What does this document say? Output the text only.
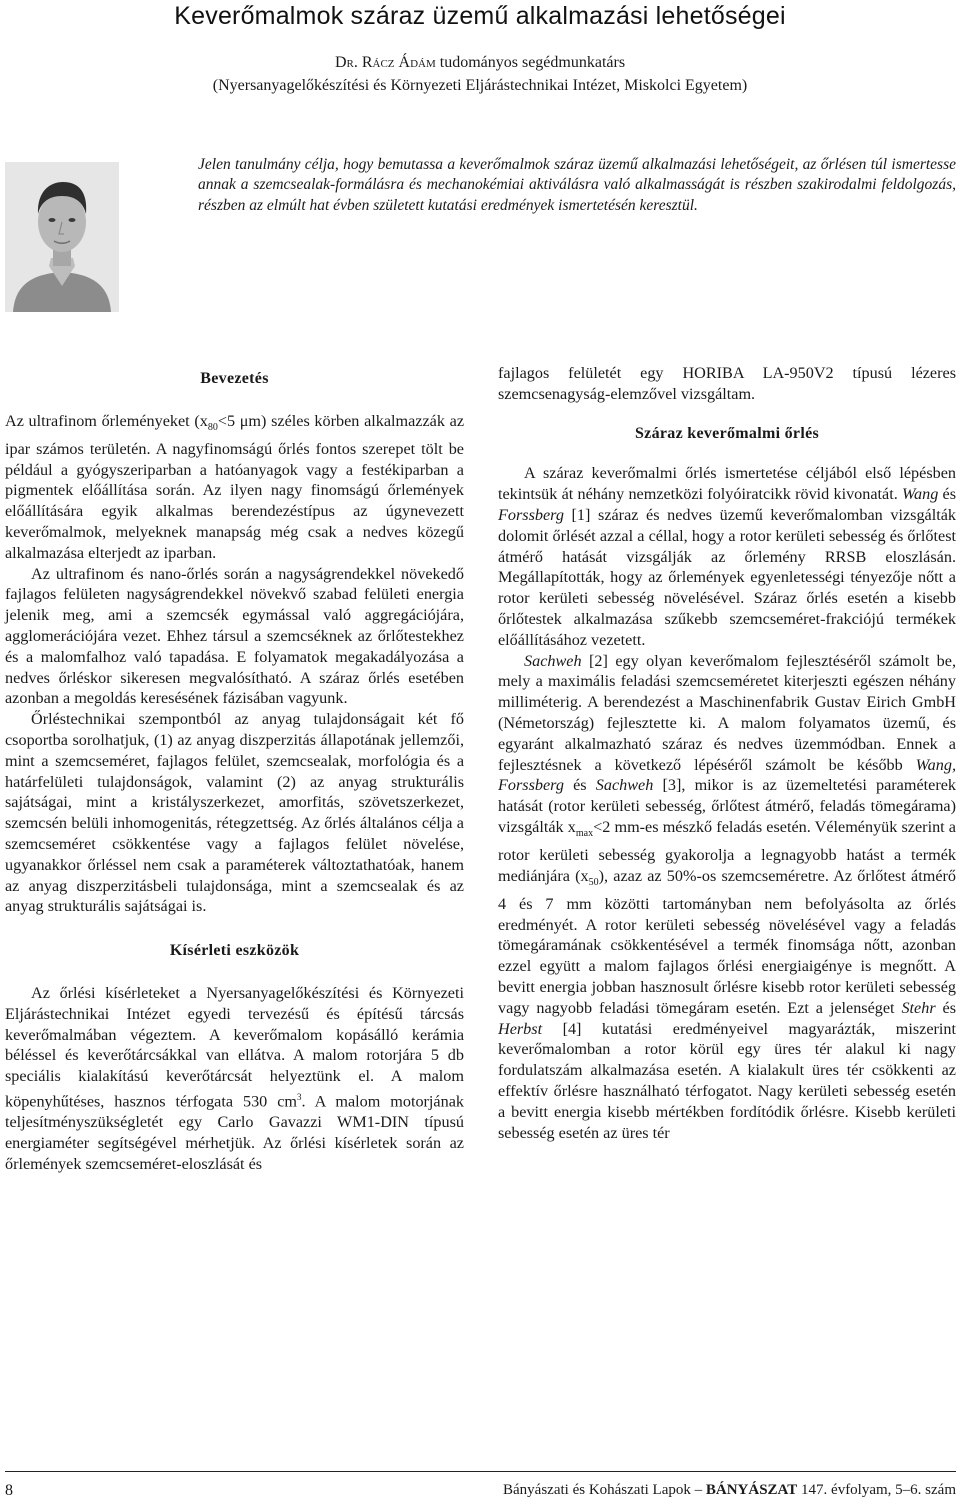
Keverőmalmok száraz üzemű alkalmazási lehetőségei
Dr. Rácz Ádám tudományos segédmunkatárs
(Nyersanyagelőkészítési és Környezeti Eljárástechnikai Intézet, Miskolci Egyetem)
Jelen tanulmány célja, hogy bemutassa a keverőmalmok száraz üzemű alkalmazási lehetőségeit, az őrlésen túl ismertesse annak a szemcsealak-formálásra és mechanokémiai aktiválásra való alkalmasságát is részben szakirodalmi feldolgozás, részben az elmúlt hat évben született kutatási eredmények ismertetésén keresztül.
Bevezetés

Az ultrafinom őrleményeket ($x_{80}<5$ μm) széles körben alkalmazzák az ipar számos területén. A nagyfinomságú őrlés fontos szerepet tölt be például a gyógyszeriparban a hatóanyagok vagy a festékiparban a pigmentek előállítása során. Az ilyen nagy finomságú őrlemények előállítására egyik alkalmas berendezéstípus az úgynevezett keverőmalmok, melyeknek manapság még csak a nedves közegű alkalmazása elterjedt az iparban.

Az ultrafinom és nano-őrlés során a nagyságrendekkel növekedő fajlagos felületen nagyságrendekkel növekvő szabad felületi energia jelenik meg, ami a szemcsék egymással való aggregációjára, agglomerációjára vezet. Ehhez társul a szemcséknek az őrlőtestekhez és a malomfalhoz való tapadása. E folyamatok megakadályozása a nedves őrléskor sikeresen megvalósítható. A száraz őrlés esetében azonban a megoldás keresésének fázisában vagyunk.

Őrléstechnikai szempontból az anyag tulajdonságait két fő csoportba sorolhatjuk, (1) az anyag diszperzitás állapotának jellemzői, mint a szemcseméret, fajlagos felület, szemcsealak, morfológia és a határfelületi tulajdonságok, valamint (2) az anyag strukturális sajátságai, mint a kristályszerkezet, amorfitás, szövetszerkezet, szemcsén belüli inhomogenitás, rétegzettség. Az őrlés általános célja a szemcseméret csökkentése vagy a fajlagos felület növelése, ugyanakkor őrléssel nem csak a paraméterek változtathatóak, hanem az anyag diszperzitásbeli tulajdonsága, mint a szemcsealak és az anyag strukturális sajátságai is.

Kísérleti eszközök

Az őrlési kísérleteket a Nyersanyagelőkészítési és Környezeti Eljárástechnikai Intézet egyedi tervezésű és építésű tárcsás keverőmalmában végeztem. A keverőmalom kopásálló kerámia béléssel és keverőtárcsákkal van ellátva. A malom rotorjára 5 db speciális kialakítású keverőtárcsát helyeztünk el. A malom köpenyhűtéses, hasznos térfogata 530 $cm^3$. A malom motorjának teljesítményszükségletét egy Carlo Gavazzi WM1-DIN típusú energiaméter segítségével mérhetjük. Az őrlési kísérletek során az őrlemények szemcseméret-eloszlását és

fajlagos felületét egy HORIBA LA-950V2 típusú lézeres szemcsenagyság-elemzővel vizsgáltam.

Száraz keverőmalmi őrlés

A száraz keverőmalmi őrlés ismertetése céljából első lépésben tekintsük át néhány nemzetközi folyóiratcikk rövid kivonatát. Wang és Forssberg [1] száraz és nedves üzemű keverőmalomban vizsgálták dolomit őrlését azzal a céllal, hogy a rotor kerületi sebesség és őrlőtest átmérő hatását vizsgálják az őrlemény RRSB eloszlásán. Megállapították, hogy az őrlemények egyenletességi tényezője nőtt a rotor kerületi sebesség növelésével. Száraz őrlés esetén a kisebb őrlőtestek alkalmazása szűkebb szemcseméret-frakciójú termékek előállításához vezetett.

Sachweh [2] egy olyan keverőmalom fejlesztéséről számolt be, mely a maximális feladási szemcseméretet kiterjeszti egészen néhány milliméterig. A berendezést a Maschinenfabrik Gustav Eirich GmbH (Németország) fejlesztette ki. A malom folyamatos üzemű, és egyaránt alkalmazható száraz és nedves üzemmódban. Ennek a fejlesztésnek a következő lépéséről számolt be később Wang, Forssberg és Sachweh [3], mikor is az üzemeltetési paraméterek hatását (rotor kerületi sebesség, őrlőtest átmérő, feladás tömegárama) vizsgálták $x_{max}<2$ mm-es mészkő feladás esetén. Véleményük szerint a rotor kerületi sebesség gyakorolja a legnagyobb hatást a termék mediánjára $(x_{50})$, azaz az 50%-os szemcseméretre. Az őrlőtest átmérő 4 és 7 mm közötti tartományban nem befolyásolta az őrlés eredményét. A rotor kerületi sebesség növelésével vagy a feladás tömegáramának csökkentésével a termék finomsága nőtt, azonban ezzel együtt a malom fajlagos őrlési energiaigénye is megnőtt. A bevitt energia jobban hasznosult őrlésre kisebb rotor kerületi sebesség vagy nagyobb feladási tömegáram esetén. Ezt a jelenséget Stehr és Herbst [4] kutatási eredményeivel magyarázták, miszerint keverőmalomban a rotor körül egy üres tér alakul ki nagy fordulatszám alkalmazása esetén. A kialakult üres tér csökkenti az effektív őrlésre használható térfogatot. Nagy kerületi sebesség esetén a bevitt energia kisebb mértékben fordítódik őrlésre. Kisebb kerületi sebesség esetén az üres tér

8	Bányászati és Kohászati Lapok – BÁNYÁSZAT 147. évfolyam, 5–6. szám
